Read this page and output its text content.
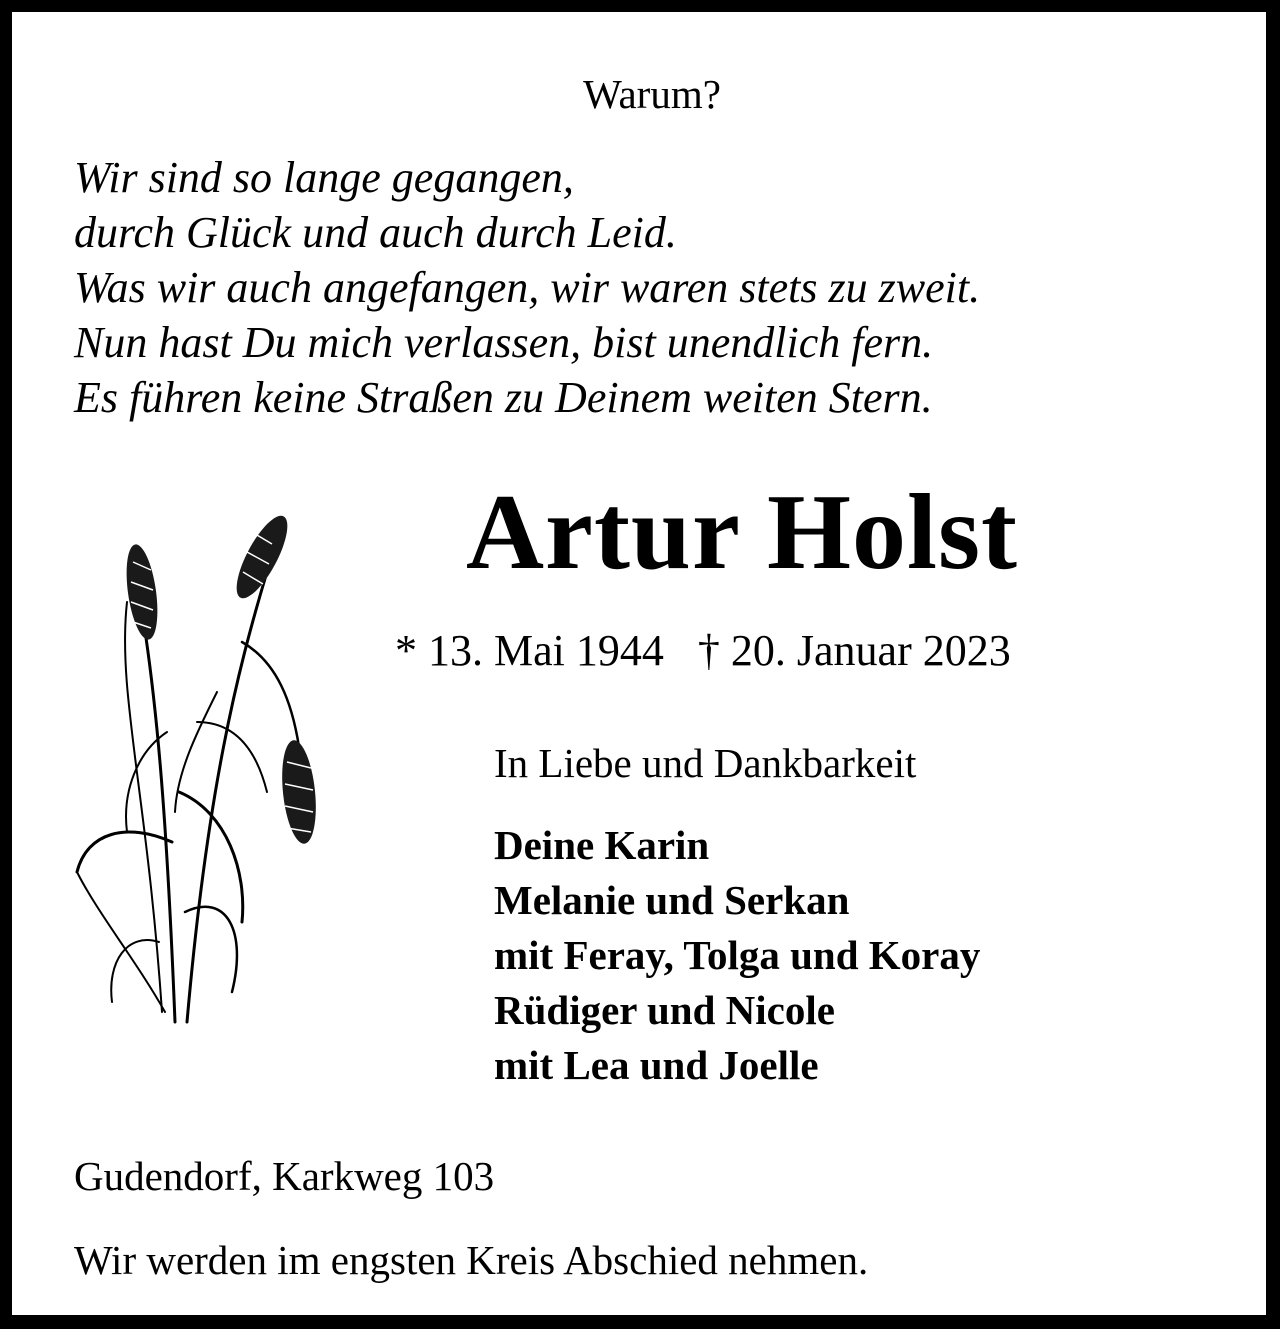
Warum?

Wir sind so lange gegangen,
durch Glück und auch durch Leid.
Was wir auch angefangen, wir waren stets zu zweit.
Nun hast Du mich verlassen, bist unendlich fern.
Es führen keine Straßen zu Deinem weiten Stern.
Artur Holst

* 13. Mai 1944 † 20. Januar 2023

In Liebe und Dankbarkeit

Deine Karin
Melanie und Serkan
mit Feray, Tolga und Koray
Rüdiger und Nicole
mit Lea und Joelle

Gudendorf, Karkweg 103

Wir werden im engsten Kreis Abschied nehmen.
